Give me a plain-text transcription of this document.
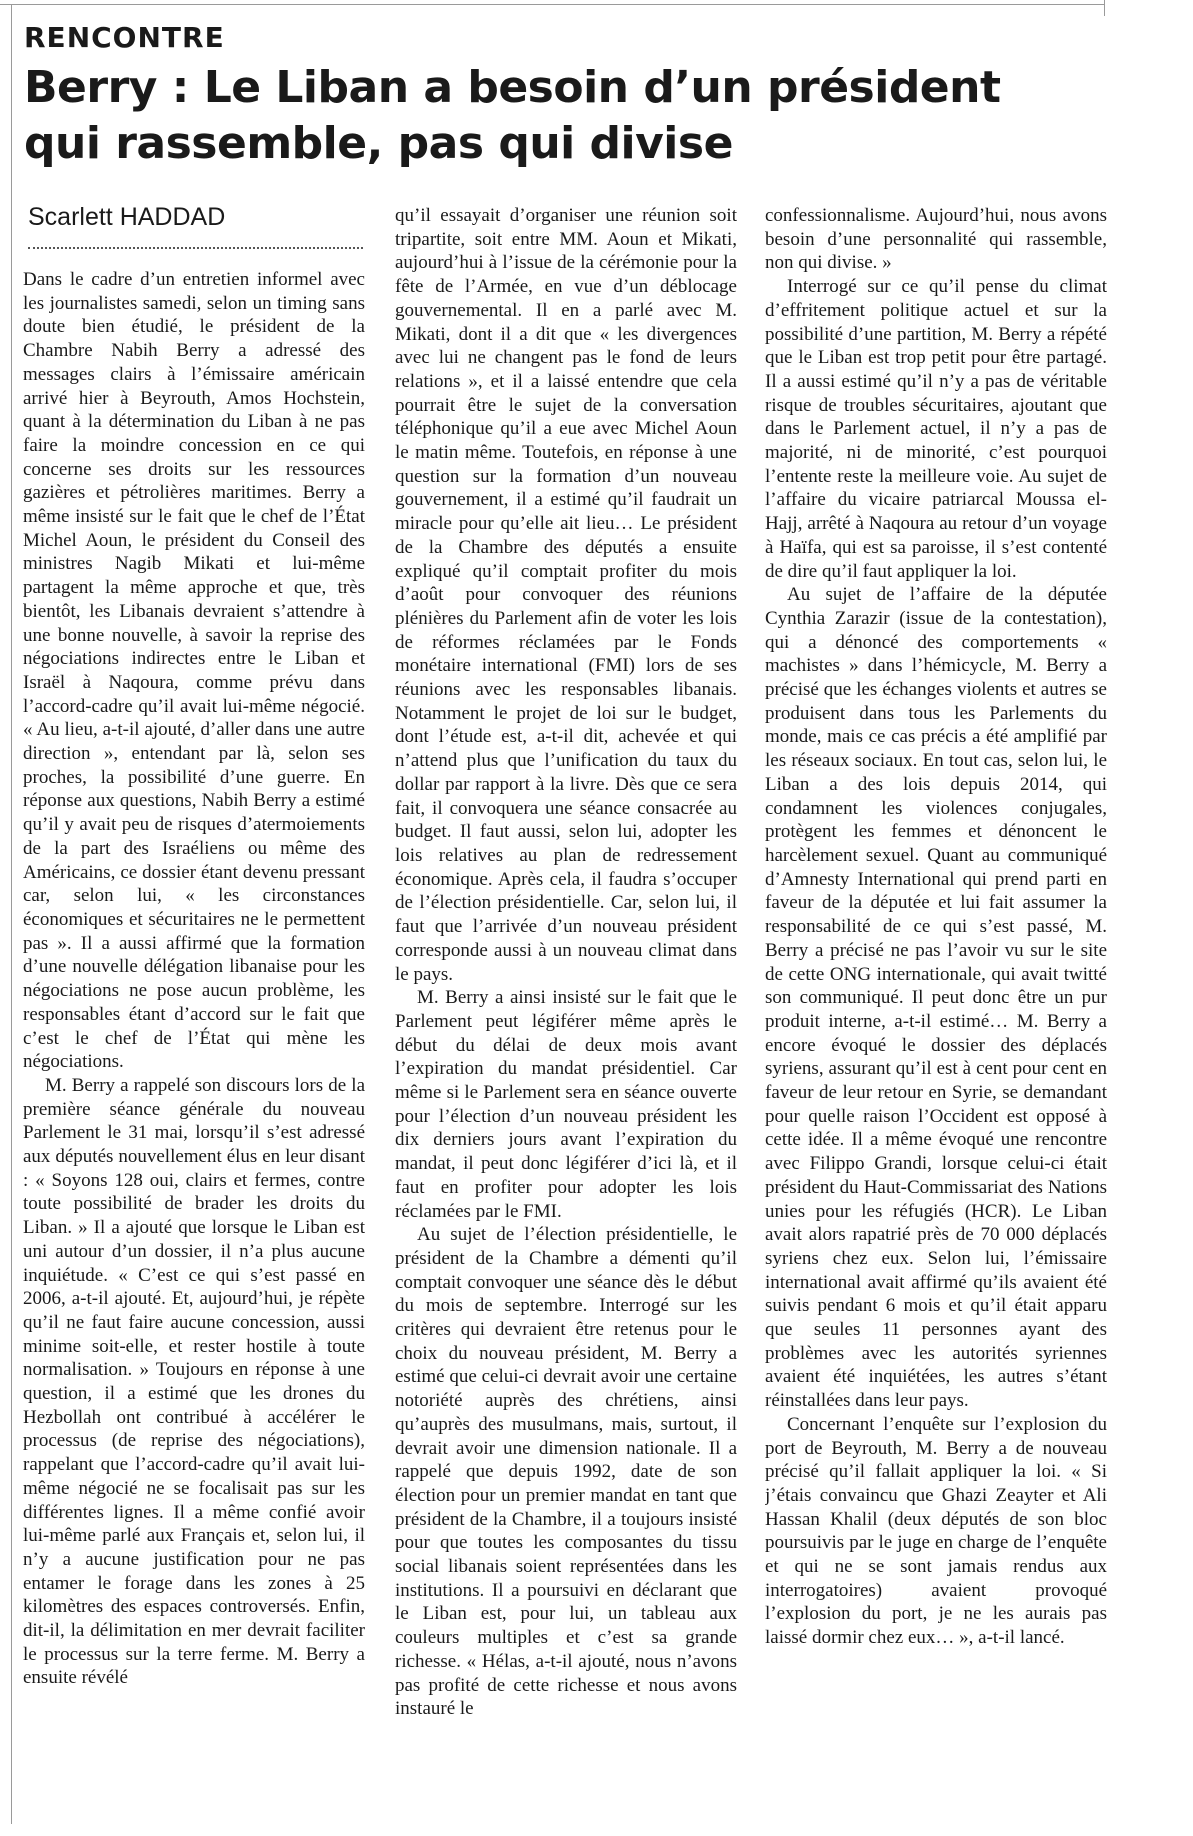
RENCONTRE
Berry : Le Liban a besoin d’un président qui rassemble, pas qui divise
Scarlett HADDAD

Dans le cadre d’un entretien informel avec les journalistes samedi, selon un timing sans doute bien étudié, le président de la Chambre Nabih Berry a adressé des messages clairs à l’émissaire américain arrivé hier à Beyrouth, Amos Hochstein, quant à la détermination du Liban à ne pas faire la moindre concession en ce qui concerne ses droits sur les ressources gazières et pétrolières maritimes. Berry a même insisté sur le fait que le chef de l’État Michel Aoun, le président du Conseil des ministres Nagib Mikati et lui-même partagent la même approche et que, très bientôt, les Libanais devraient s’attendre à une bonne nouvelle, à savoir la reprise des négociations indirectes entre le Liban et Israël à Naqoura, comme prévu dans l’accord-cadre qu’il avait lui-même négocié. « Au lieu, a-t-il ajouté, d’aller dans une autre direction », entendant par là, selon ses proches, la possibilité d’une guerre. En réponse aux questions, Nabih Berry a estimé qu’il y avait peu de risques d’atermoiements de la part des Israéliens ou même des Américains, ce dossier étant devenu pressant car, selon lui, « les circonstances économiques et sécuritaires ne le permettent pas ». Il a aussi affirmé que la formation d’une nouvelle délégation libanaise pour les négociations ne pose aucun problème, les responsables étant d’accord sur le fait que c’est le chef de l’État qui mène les négociations.

M. Berry a rappelé son discours lors de la première séance générale du nouveau Parlement le 31 mai, lorsqu’il s’est adressé aux députés nouvellement élus en leur disant : « Soyons 128 oui, clairs et fermes, contre toute possibilité de brader les droits du Liban. » Il a ajouté que lorsque le Liban est uni autour d’un dossier, il n’a plus aucune inquiétude. « C’est ce qui s’est passé en 2006, a-t-il ajouté. Et, aujourd’hui, je répète qu’il ne faut faire aucune concession, aussi minime soit-elle, et rester hostile à toute normalisation. » Toujours en réponse à une question, il a estimé que les drones du Hezbollah ont contribué à accélérer le processus (de reprise des négociations), rappelant que l’accord-cadre qu’il avait lui-même négocié ne se focalisait pas sur les différentes lignes. Il a même confié avoir lui-même parlé aux Français et, selon lui, il n’y a aucune justification pour ne pas entamer le forage dans les zones à 25 kilomètres des espaces controversés. Enfin, dit-il, la délimitation en mer devrait faciliter le processus sur la terre ferme. M. Berry a ensuite révélé

qu’il essayait d’organiser une réunion soit tripartite, soit entre MM. Aoun et Mikati, aujourd’hui à l’issue de la cérémonie pour la fête de l’Armée, en vue d’un déblocage gouvernemental. Il en a parlé avec M. Mikati, dont il a dit que « les divergences avec lui ne changent pas le fond de leurs relations », et il a laissé entendre que cela pourrait être le sujet de la conversation téléphonique qu’il a eue avec Michel Aoun le matin même. Toutefois, en réponse à une question sur la formation d’un nouveau gouvernement, il a estimé qu’il faudrait un miracle pour qu’elle ait lieu… Le président de la Chambre des députés a ensuite expliqué qu’il comptait profiter du mois d’août pour convoquer des réunions plénières du Parlement afin de voter les lois de réformes réclamées par le Fonds monétaire international (FMI) lors de ses réunions avec les responsables libanais. Notamment le projet de loi sur le budget, dont l’étude est, a-t-il dit, achevée et qui n’attend plus que l’unification du taux du dollar par rapport à la livre. Dès que ce sera fait, il convoquera une séance consacrée au budget. Il faut aussi, selon lui, adopter les lois relatives au plan de redressement économique. Après cela, il faudra s’occuper de l’élection présidentielle. Car, selon lui, il faut que l’arrivée d’un nouveau président corresponde aussi à un nouveau climat dans le pays.

M. Berry a ainsi insisté sur le fait que le Parlement peut légiférer même après le début du délai de deux mois avant l’expiration du mandat présidentiel. Car même si le Parlement sera en séance ouverte pour l’élection d’un nouveau président les dix derniers jours avant l’expiration du mandat, il peut donc légiférer d’ici là, et il faut en profiter pour adopter les lois réclamées par le FMI.

Au sujet de l’élection présidentielle, le président de la Chambre a démenti qu’il comptait convoquer une séance dès le début du mois de septembre. Interrogé sur les critères qui devraient être retenus pour le choix du nouveau président, M. Berry a estimé que celui-ci devrait avoir une certaine notoriété auprès des chrétiens, ainsi qu’auprès des musulmans, mais, surtout, il devrait avoir une dimension nationale. Il a rappelé que depuis 1992, date de son élection pour un premier mandat en tant que président de la Chambre, il a toujours insisté pour que toutes les composantes du tissu social libanais soient représentées dans les institutions. Il a poursuivi en déclarant que le Liban est, pour lui, un tableau aux couleurs multiples et c’est sa grande richesse. « Hélas, a-t-il ajouté, nous n’avons pas profité de cette richesse et nous avons instauré le

confessionnalisme. Aujourd’hui, nous avons besoin d’une personnalité qui rassemble, non qui divise. »

Interrogé sur ce qu’il pense du climat d’effritement politique actuel et sur la possibilité d’une partition, M. Berry a répété que le Liban est trop petit pour être partagé. Il a aussi estimé qu’il n’y a pas de véritable risque de troubles sécuritaires, ajoutant que dans le Parlement actuel, il n’y a pas de majorité, ni de minorité, c’est pourquoi l’entente reste la meilleure voie. Au sujet de l’affaire du vicaire patriarcal Moussa el-Hajj, arrêté à Naqoura au retour d’un voyage à Haïfa, qui est sa paroisse, il s’est contenté de dire qu’il faut appliquer la loi.

Au sujet de l’affaire de la députée Cynthia Zarazir (issue de la contestation), qui a dénoncé des comportements « machistes » dans l’hémicycle, M. Berry a précisé que les échanges violents et autres se produisent dans tous les Parlements du monde, mais ce cas précis a été amplifié par les réseaux sociaux. En tout cas, selon lui, le Liban a des lois depuis 2014, qui condamnent les violences conjugales, protègent les femmes et dénoncent le harcèlement sexuel. Quant au communiqué d’Amnesty International qui prend parti en faveur de la députée et lui fait assumer la responsabilité de ce qui s’est passé, M. Berry a précisé ne pas l’avoir vu sur le site de cette ONG internationale, qui avait twitté son communiqué. Il peut donc être un pur produit interne, a-t-il estimé… M. Berry a encore évoqué le dossier des déplacés syriens, assurant qu’il est à cent pour cent en faveur de leur retour en Syrie, se demandant pour quelle raison l’Occident est opposé à cette idée. Il a même évoqué une rencontre avec Filippo Grandi, lorsque celui-ci était président du Haut-Commissariat des Nations unies pour les réfugiés (HCR). Le Liban avait alors rapatrié près de 70 000 déplacés syriens chez eux. Selon lui, l’émissaire international avait affirmé qu’ils avaient été suivis pendant 6 mois et qu’il était apparu que seules 11 personnes ayant des problèmes avec les autorités syriennes avaient été inquiétées, les autres s’étant réinstallées dans leur pays.

Concernant l’enquête sur l’explosion du port de Beyrouth, M. Berry a de nouveau précisé qu’il fallait appliquer la loi. « Si j’étais convaincu que Ghazi Zeayter et Ali Hassan Khalil (deux députés de son bloc poursuivis par le juge en charge de l’enquête et qui ne se sont jamais rendus aux interrogatoires) avaient provoqué l’explosion du port, je ne les aurais pas laissé dormir chez eux… », a-t-il lancé.
